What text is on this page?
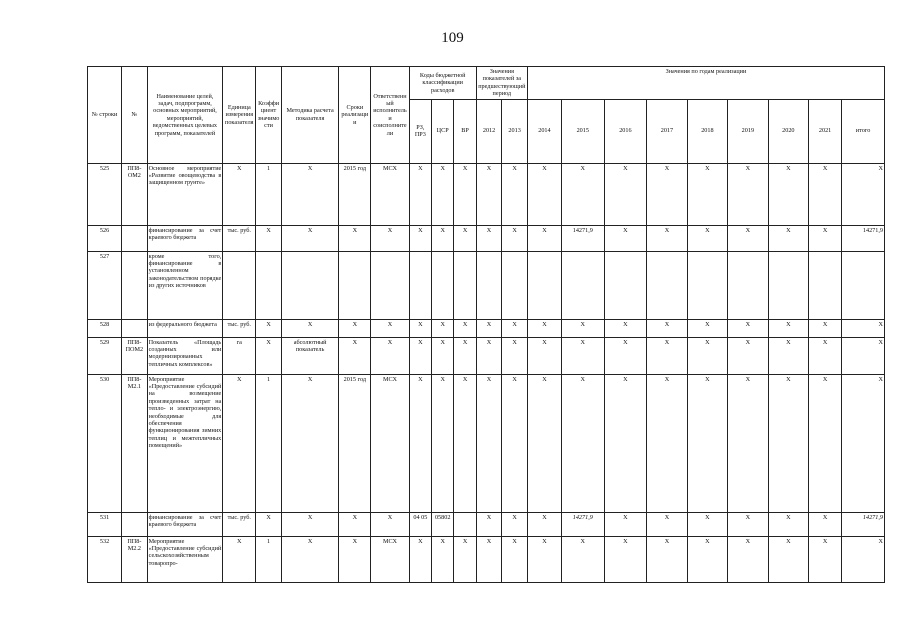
109
№ строки	№	Наименование целей, задач, подпрограмм, основных мероприятий, мероприятий, ведомственных целевых программ, показателей	Единица измерения показателя	Коэффициент значимости	Методика расчета показателя	Сроки реализации	Ответственный исполнитель и соисполнители	Коды бюджетной классификации расходов			Значения показателей за предшествующий период		Значения по годам реализации								
								РЗ, ПР3	ЦСР	ВР	2012	2013	2014	2015	2016	2017	2018	2019	2020	2021	итого
525	ПП8-ОМ2	Основное мероприятие «Развитие овощеводства в защищенном грунте»	X	1	X	2015 год	МСХ	X	X	X	X	X	X	X	X	X	X	X	X	X	X
526		финансирование за счет краевого бюджета	тыс. руб.	X	X	X	X	X	X	X	X	X	X	14271,9	X	X	X	X	X	X	14271,9
527		кроме того, финансирование в установленном законодательством порядке из других источников																			
528		из федерального бюджета	тыс. руб.	X	X	X	X	X	X	X	X	X	X	X	X	X	X	X	X	X	X
529	ПП8-ПОМ2	Показатель «Площадь созданных или модернизированных тепличных комплексов»	га	X	абсолютный показатель	X	X	X	X	X	X	X	X	X	X	X	X	X	X	X	X
530	ПП8-М2.1	Мероприятие «Предоставление субсидий на возмещение произведенных затрат на тепло- и электроэнергию, необходимые для обеспечения функционирования зимних теплиц и межтепличных помещений»	X	1	X	2015 год	МСХ	X	X	X	X	X	X	X	X	X	X	X	X	X	X
531		финансирование за счет краевого бюджета	тыс. руб.	X	X	X	X	04 05	05802		X	X	X	14271,9	X	X	X	X	X	X	14271,9
532	ПП8-М2.2	Мероприятие «Предоставление субсидий сельскохозяйственным товаропро-	X	1	X	X	МСХ	X	X	X	X	X	X	X	X	X	X	X	X	X	X
